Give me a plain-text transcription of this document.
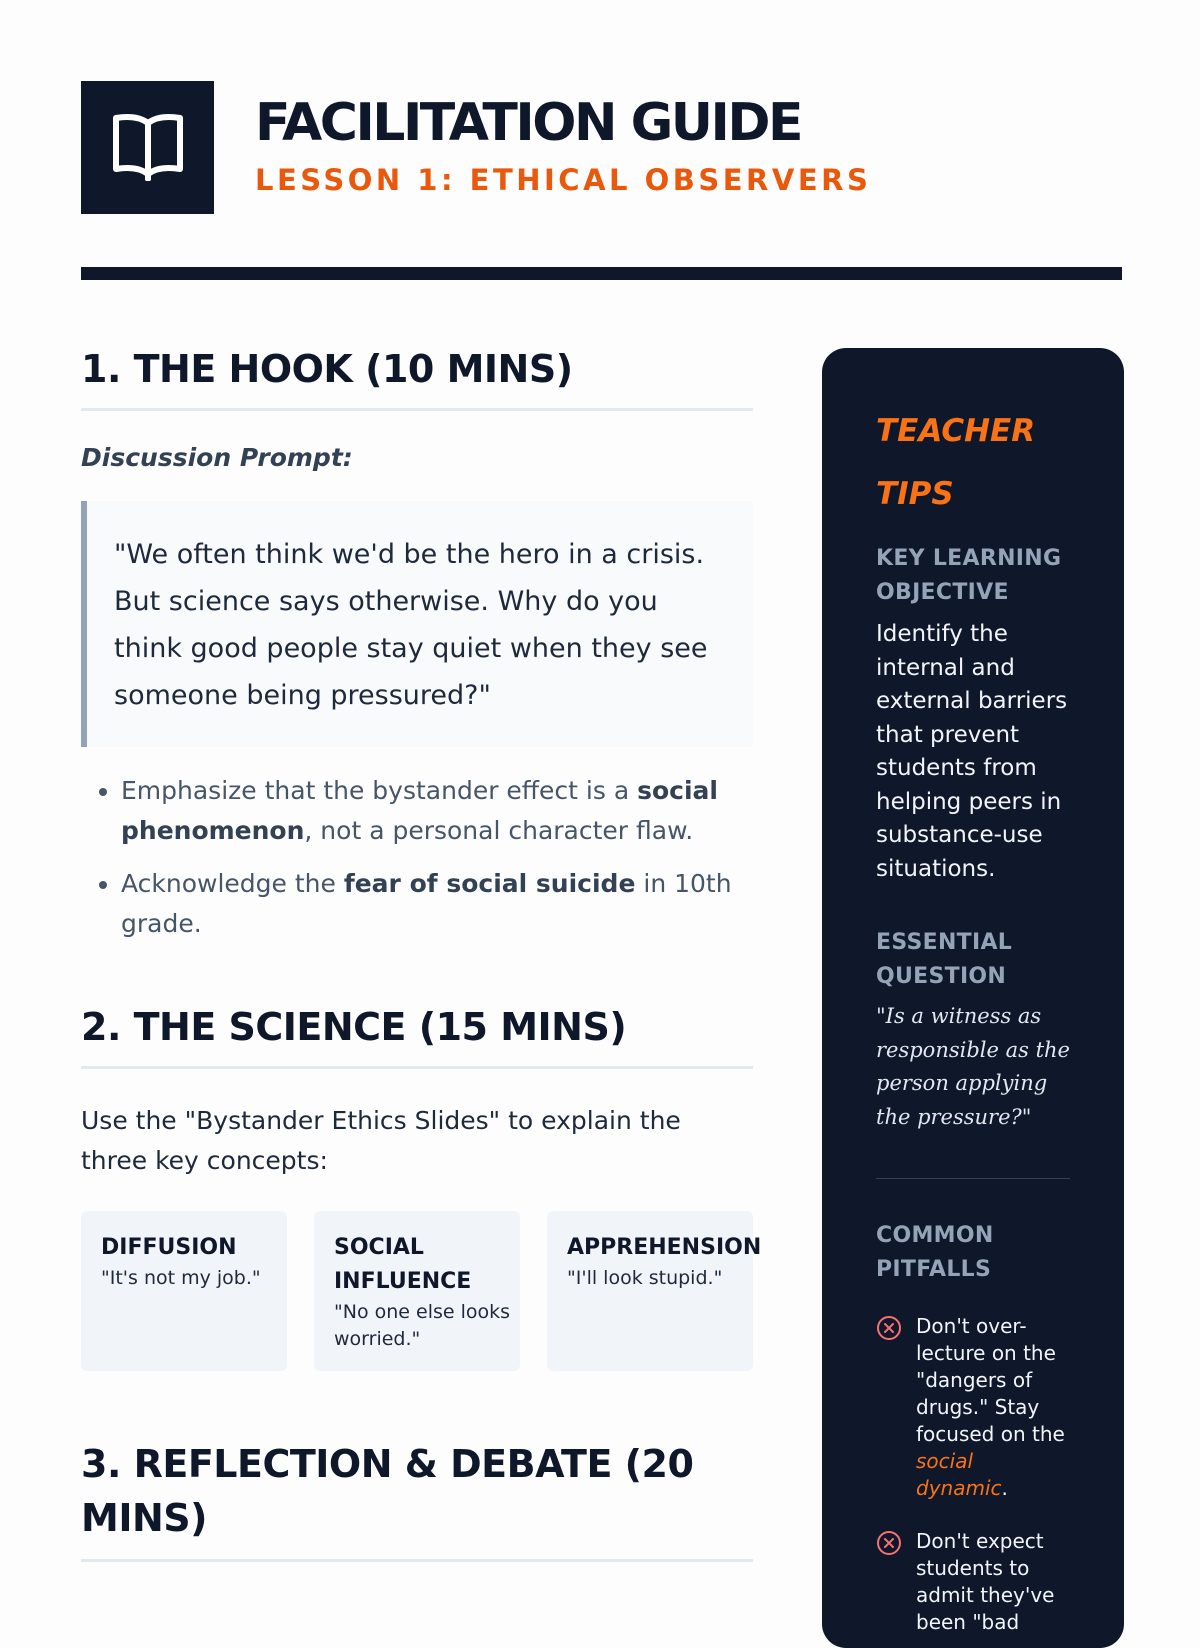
FACILITATION GUIDE
LESSON 1: ETHICAL OBSERVERS
1. THE HOOK (10 MINS)
Discussion Prompt:
"We often think we'd be the hero in a crisis. But science says otherwise. Why do you think good people stay quiet when they see someone being pressured?"
• Emphasize that the bystander effect is a social phenomenon, not a personal character flaw.
• Acknowledge the fear of social suicide in 10th grade.
2. THE SCIENCE (15 MINS)
Use the "Bystander Ethics Slides" to explain the three key concepts:
DIFFUSION
"It's not my job."
SOCIAL INFLUENCE
"No one else looks worried."
APPREHENSION
"I'll look stupid."
3. REFLECTION & DEBATE (20 MINS)
TEACHER TIPS
KEY LEARNING OBJECTIVE
Identify the internal and external barriers that prevent students from helping peers in substance-use situations.
ESSENTIAL QUESTION
"Is a witness as responsible as the person applying the pressure?"
COMMON PITFALLS
Don't over-lecture on the "dangers of drugs." Stay focused on the social dynamic.
Don't expect students to admit they've been "bad
